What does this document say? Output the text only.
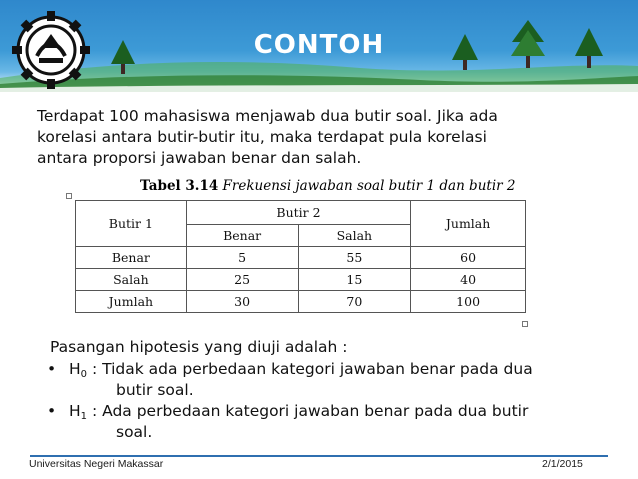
CONTOH
Terdapat 100 mahasiswa menjawab dua butir soal. Jika ada
korelasi antara butir-butir itu, maka terdapat pula korelasi
antara proporsi jawaban benar dan salah.
Tabel 3.14 Frekuensi jawaban soal butir 1 dan butir 2
Butir 1	Butir 2		Jumlah
	Benar	Salah	
Benar	5	55	60
Salah	25	15	40
Jumlah	30	70	100
Pasangan hipotesis yang diuji adalah :
• $H_0$ : Tidak ada perbedaan kategori jawaban benar pada dua
butir soal.
• $H_1$ : Ada perbedaan kategori jawaban benar pada dua butir
soal.
Universitas Negeri Makassar	2/1/2015
